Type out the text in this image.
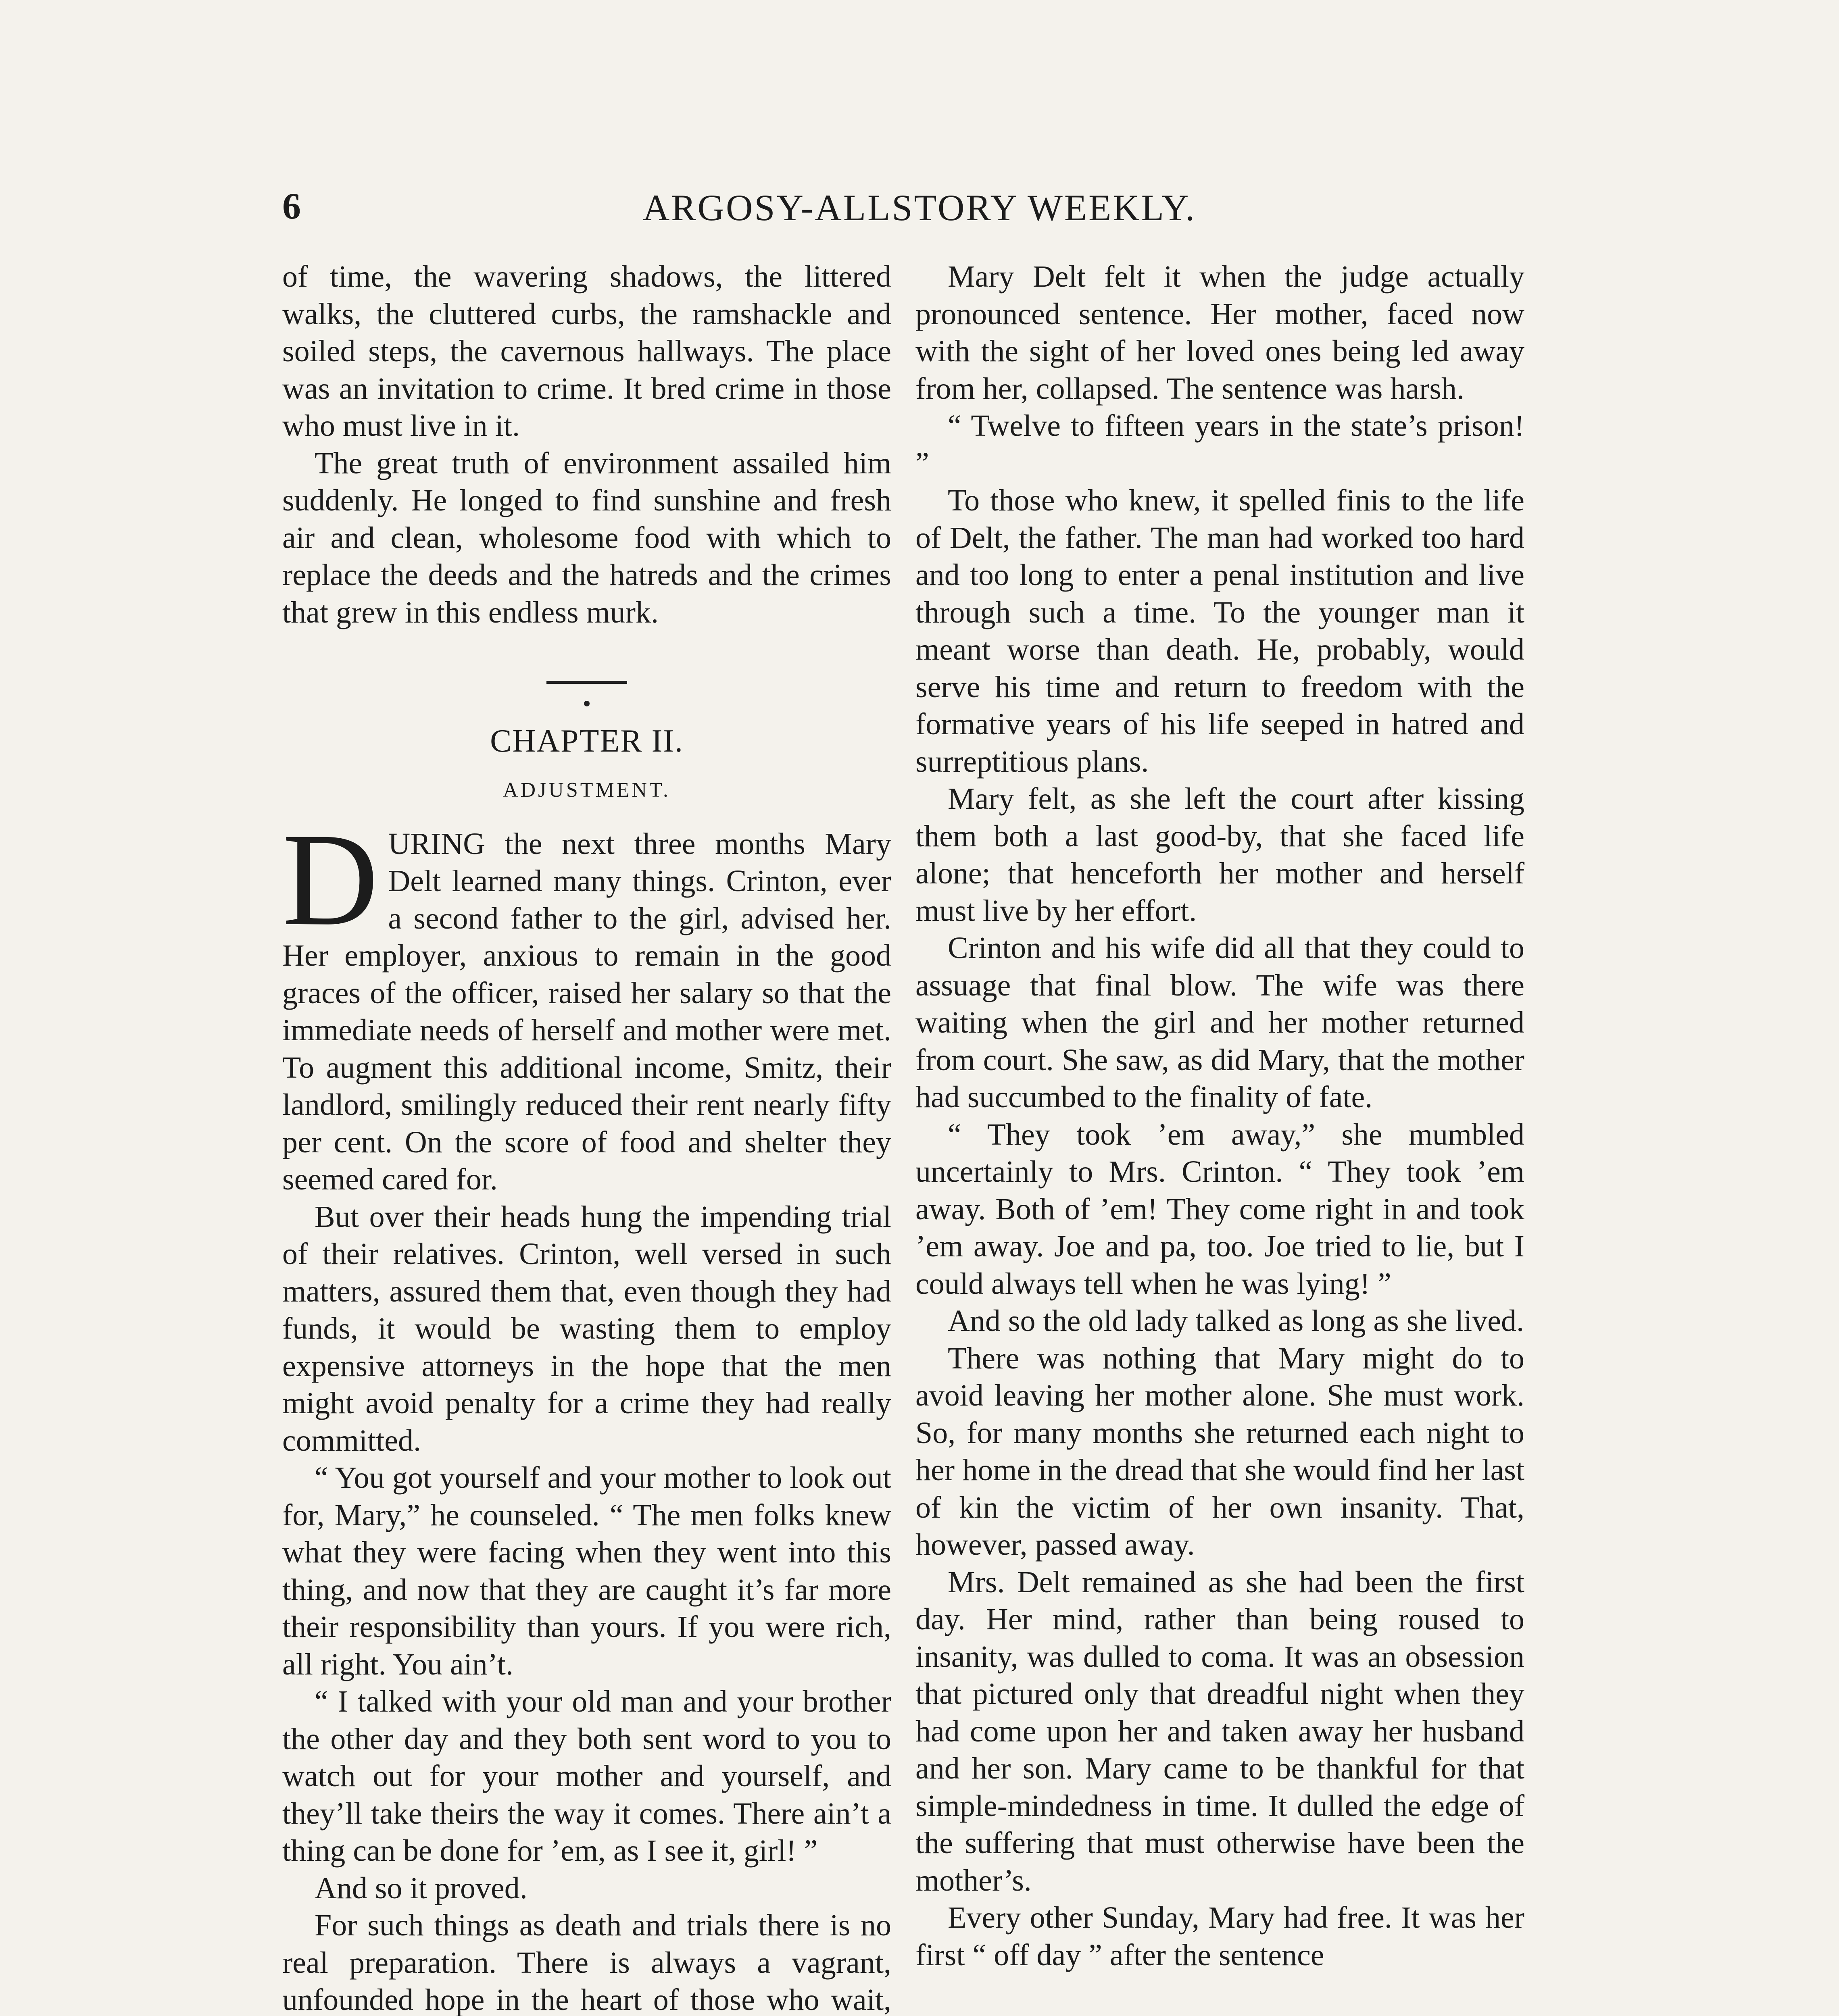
6	ARGOSY-ALLSTORY WEEKLY.

of time, the wavering shadows, the littered walks, the cluttered curbs, the ramshackle and soiled steps, the cavernous hallways. The place was an invitation to crime. It bred crime in those who must live in it.

The great truth of environment assailed him suddenly. He longed to find sunshine and fresh air and clean, wholesome food with which to replace the deeds and the hatreds and the crimes that grew in this endless murk.

CHAPTER II.
ADJUSTMENT.

DURING the next three months Mary Delt learned many things. Crinton, ever a second father to the girl, advised her. Her employer, anxious to remain in the good graces of the officer, raised her salary so that the immediate needs of herself and mother were met. To augment this additional income, Smitz, their landlord, smilingly reduced their rent nearly fifty per cent. On the score of food and shelter they seemed cared for.

But over their heads hung the impending trial of their relatives. Crinton, well versed in such matters, assured them that, even though they had funds, it would be wasting them to employ expensive attorneys in the hope that the men might avoid penalty for a crime they had really committed.

“ You got yourself and your mother to look out for, Mary,” he counseled. “ The men folks knew what they were facing when they went into this thing, and now that they are caught it’s far more their responsibility than yours. If you were rich, all right. You ain’t.

“ I talked with your old man and your brother the other day and they both sent word to you to watch out for your mother and yourself, and they’ll take theirs the way it comes. There ain’t a thing can be done for ’em, as I see it, girl! ”

And so it proved.

For such things as death and trials there is no real preparation. There is always a vagrant, unfounded hope in the heart of those who wait,

Mary Delt felt it when the judge actually pronounced sentence. Her mother, faced now with the sight of her loved ones being led away from her, collapsed. The sentence was harsh.

“ Twelve to fifteen years in the state’s prison! ”

To those who knew, it spelled finis to the life of Delt, the father. The man had worked too hard and too long to enter a penal institution and live through such a time. To the younger man it meant worse than death. He, probably, would serve his time and return to freedom with the formative years of his life seeped in hatred and surreptitious plans.

Mary felt, as she left the court after kissing them both a last good-by, that she faced life alone; that henceforth her mother and herself must live by her effort.

Crinton and his wife did all that they could to assuage that final blow. The wife was there waiting when the girl and her mother returned from court. She saw, as did Mary, that the mother had succumbed to the finality of fate.

“ They took ’em away,” she mumbled uncertainly to Mrs. Crinton. “ They took ’em away. Both of ’em! They come right in and took ’em away. Joe and pa, too. Joe tried to lie, but I could always tell when he was lying! ”

And so the old lady talked as long as she lived.

There was nothing that Mary might do to avoid leaving her mother alone. She must work. So, for many months she returned each night to her home in the dread that she would find her last of kin the victim of her own insanity. That, however, passed away.

Mrs. Delt remained as she had been the first day. Her mind, rather than being roused to insanity, was dulled to coma. It was an obsession that pictured only that dreadful night when they had come upon her and taken away her husband and her son. Mary came to be thankful for that simple-mindedness in time. It dulled the edge of the suffering that must otherwise have been the mother’s.

Every other Sunday, Mary had free. It was her first “ off day ” after the sentence
